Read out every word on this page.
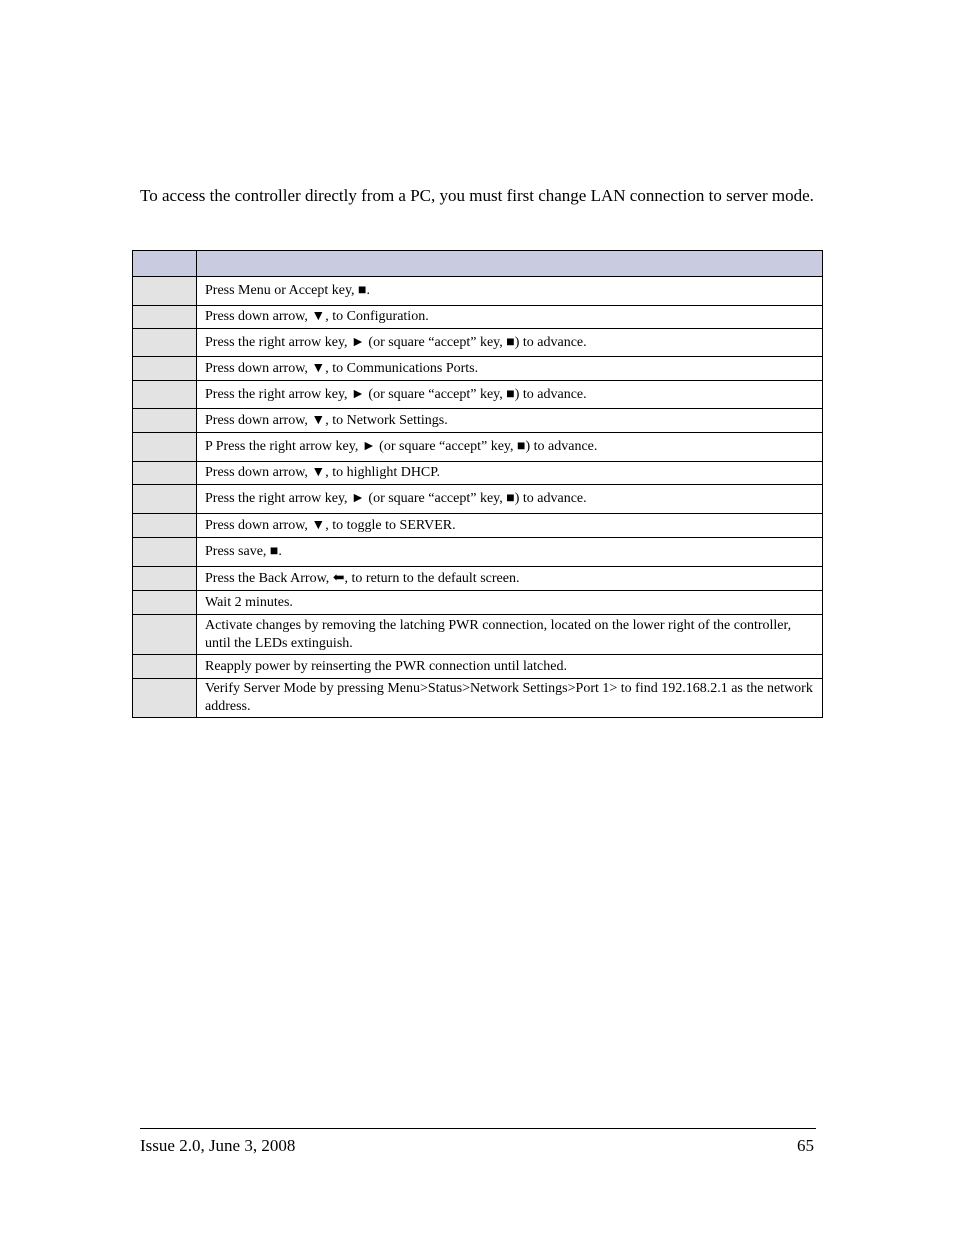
To access the controller directly from a PC, you must first change LAN connection to server mode.

	Press Menu or Accept key, ■.
	Press down arrow, ▼, to Configuration.
	Press the right arrow key, ► (or square “accept” key, ■) to advance.
	Press down arrow, ▼, to Communications Ports.
	Press the right arrow key, ► (or square “accept” key, ■) to advance.
	Press down arrow, ▼, to Network Settings.
	P Press the right arrow key, ► (or square “accept” key, ■) to advance.
	Press down arrow, ▼, to highlight DHCP.
	Press the right arrow key, ► (or square “accept” key, ■) to advance.
	Press down arrow, ▼, to toggle to SERVER.
	Press save, ■.
	Press the Back Arrow, ⬅, to return to the default screen.
	Wait 2 minutes.
	Activate changes by removing the latching PWR connection, located on the lower right of the controller, until the LEDs extinguish.
	Reapply power by reinserting the PWR connection until latched.
	Verify Server Mode by pressing Menu>Status>Network Settings>Port 1> to find 192.168.2.1 as the network address.
Issue 2.0, June 3, 2008	65
